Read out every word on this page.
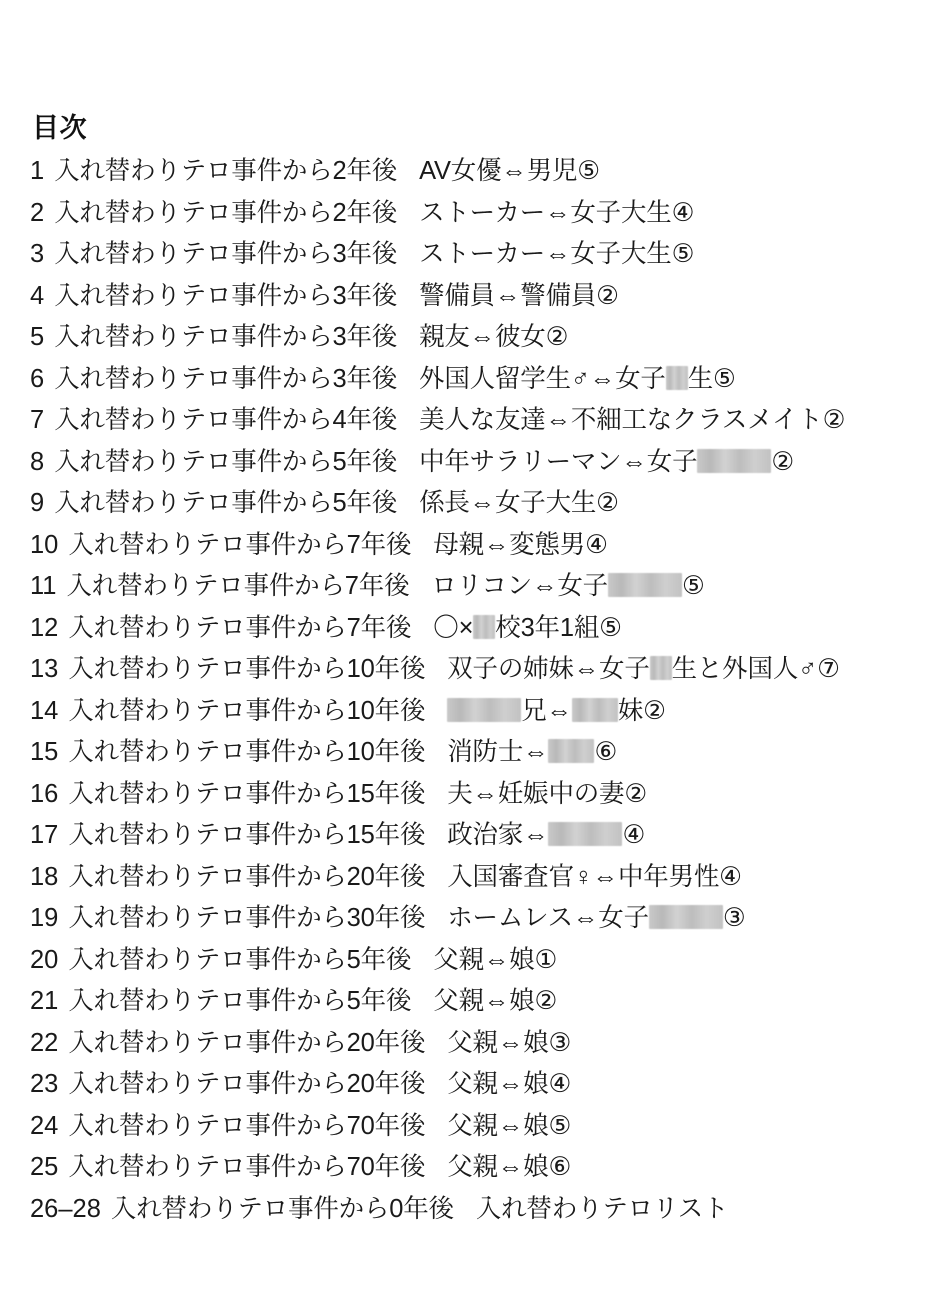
目次
1 入れ替わりテロ事件から2年後 AV女優⇔男児⑤
2 入れ替わりテロ事件から2年後 ストーカー⇔女子大生④
3 入れ替わりテロ事件から3年後 ストーカー⇔女子大生⑤
4 入れ替わりテロ事件から3年後 警備員⇔警備員②
5 入れ替わりテロ事件から3年後 親友⇔彼女②
6 入れ替わりテロ事件から3年後 外国人留学生♂⇔女子 生⑤
7 入れ替わりテロ事件から4年後 美人な友達⇔不細工なクラスメイト②
8 入れ替わりテロ事件から5年後 中年サラリーマン⇔女子	②
9 入れ替わりテロ事件から5年後 係長⇔女子大生②
10 入れ替わりテロ事件から7年後 母親⇔変態男④
11 入れ替わりテロ事件から7年後 ロリコン⇔女子	⑤
12 入れ替わりテロ事件から7年後 〇× 校3年1組⑤
13 入れ替わりテロ事件から10年後 双子の姉妹⇔女子 生と外国人♂⑦
14 入れ替わりテロ事件から10年後	兄⇔ 妹②
15 入れ替わりテロ事件から10年後 消防士⇔ ⑥
16 入れ替わりテロ事件から15年後 夫⇔妊娠中の妻②
17 入れ替わりテロ事件から15年後 政治家⇔	④
18 入れ替わりテロ事件から20年後 入国審査官♀⇔中年男性④
19 入れ替わりテロ事件から30年後 ホームレス⇔女子	③
20 入れ替わりテロ事件から5年後 父親⇔娘①
21 入れ替わりテロ事件から5年後 父親⇔娘②
22 入れ替わりテロ事件から20年後 父親⇔娘③
23 入れ替わりテロ事件から20年後 父親⇔娘④
24 入れ替わりテロ事件から70年後 父親⇔娘⑤
25 入れ替わりテロ事件から70年後 父親⇔娘⑥
26–28 入れ替わりテロ事件から0年後 入れ替わりテロリスト
